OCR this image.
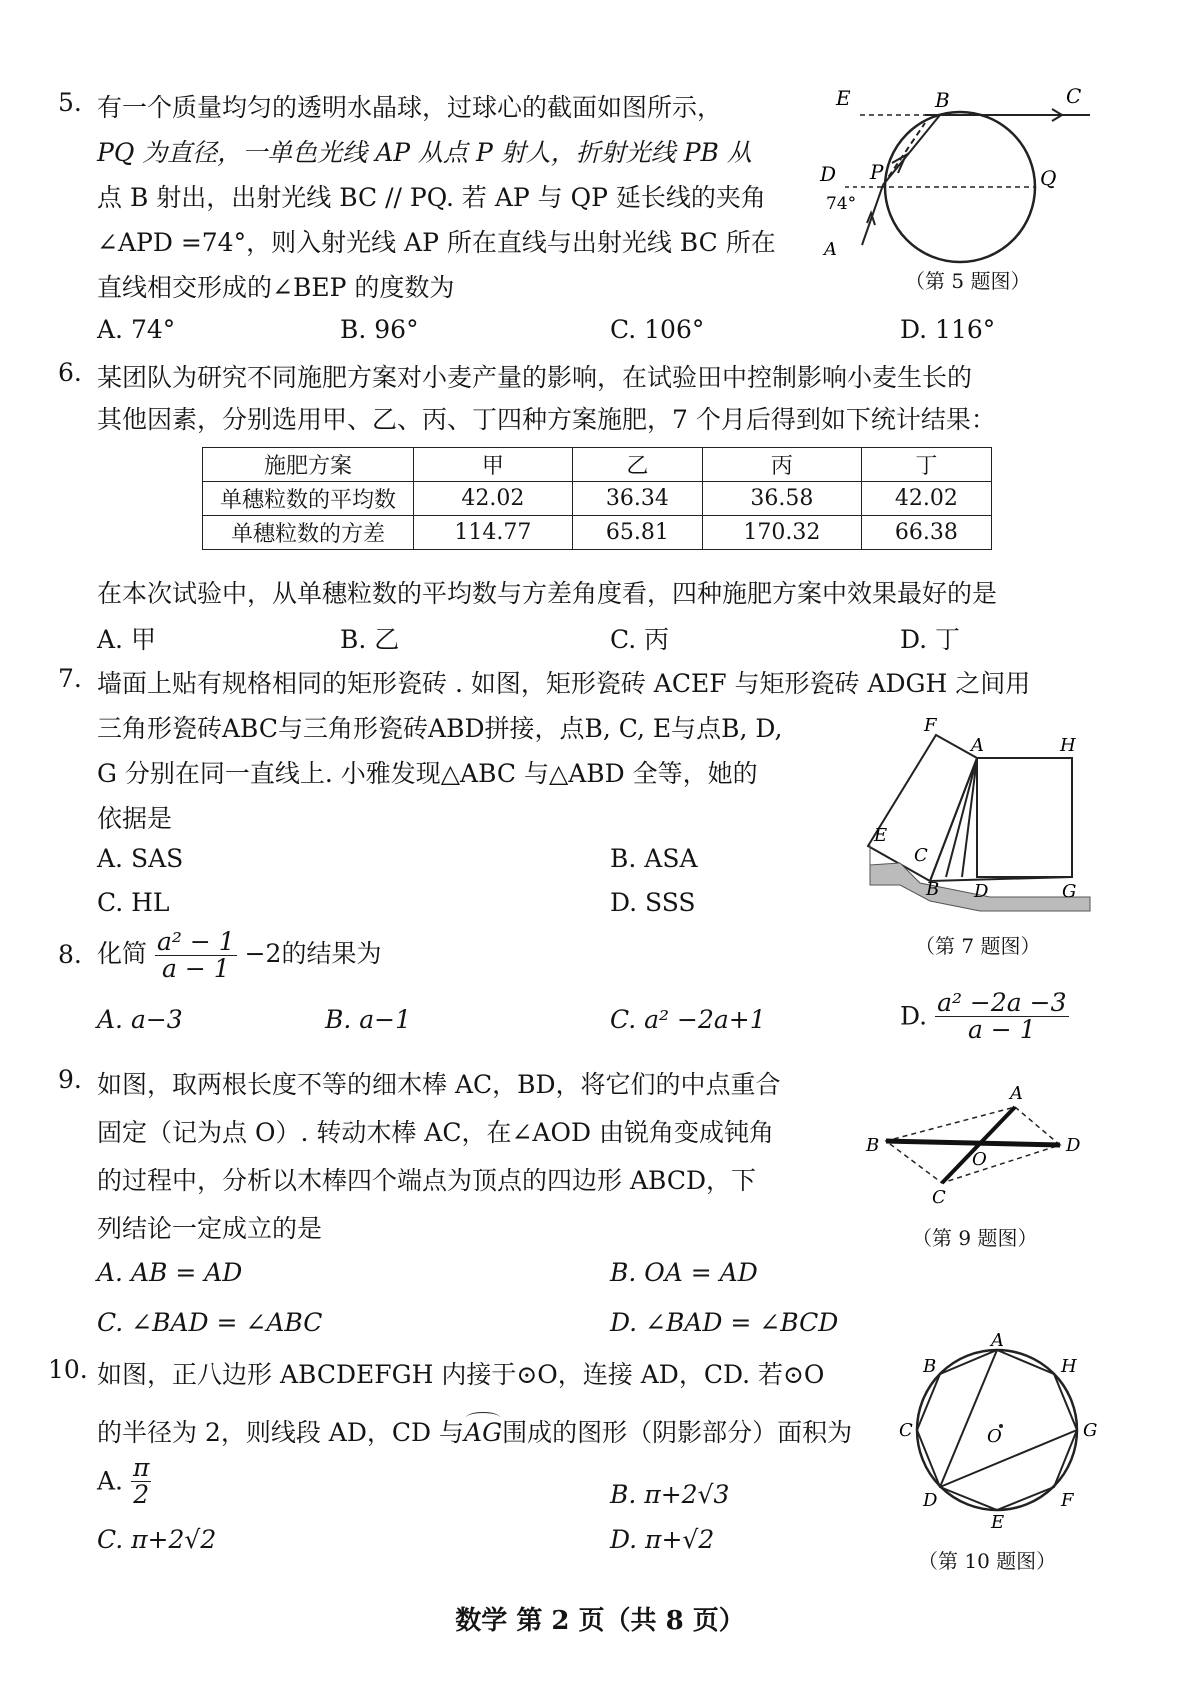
5. 有一个质量均匀的透明水晶球，过球心的截面如图所示，
PQ 为直径，一单色光线 AP 从点 P 射人，折射光线 PB 从
点 B 射出，出射光线 BC // PQ. 若 AP 与 QP 延长线的夹角
∠APD =74°，则入射光线 AP 所在直线与出射光线 BC 所在
直线相交形成的∠BEP 的度数为
A. 74°	B. 96°	C. 106°	D. 116°
E	B	C
D P	Q
A
74°
（第 5 题图）
6. 某团队为研究不同施肥方案对小麦产量的影响，在试验田中控制影响小麦生长的
其他因素，分别选用甲、乙、丙、丁四种方案施肥，7 个月后得到如下统计结果：
施肥方案	甲	乙	丙	丁
单穗粒数的平均数	42.02	36.34	36.58	42.02
单穗粒数的方差	114.77	65.81	170.32	66.38
在本次试验中，从单穗粒数的平均数与方差角度看，四种施肥方案中效果最好的是
A. 甲	B. 乙	C. 丙	D. 丁
7. 墙面上贴有规格相同的矩形瓷砖 . 如图，矩形瓷砖 ACEF 与矩形瓷砖 ADGH 之间用
三角形瓷砖ABC与三角形瓷砖ABD拼接，点B, C, E与点B, D,
G 分别在同一直线上. 小雅发现△ABC 与△ABD 全等，她的
依据是
A. SAS	B. ASA
C. HL	D. SSS
F
A	H
E
C
B D	G
（第 7 题图）
8. 化简 $\frac{\text{a² − 1}}{a - 1} -2$的结果为
A. a−3	B. a−1	C. a² −2a+1	D. $\frac{\text{a² −2a −3}}{a - 1}$
9. 如图，取两根长度不等的细木棒 AC，BD，将它们的中点重合
固定（记为点 O）. 转动木棒 AC，在∠AOD 由锐角变成钝角
的过程中，分析以木棒四个端点为顶点的四边形 ABCD，下
列结论一定成立的是
A. AB = AD	B. OA = AD
C. ∠BAD = ∠ABC	D. ∠BAD = ∠BCD
A
B
C
D
O
（第 9 题图）
10. 如图，正八边形 ABCDEFGH 内接于⊙O，连接 AD，CD. 若⊙O
的半径为 2，则线段 AD，CD 与
AG围成的图形（阴影部分）面积为
A. $\frac{\pi}{2}$	B. π+2√3
C. π+2√2	D. π+√2
A
B
C
D
E
F
G
H
O
（第 10 题图）
数学 第 2 页（共 8 页）
